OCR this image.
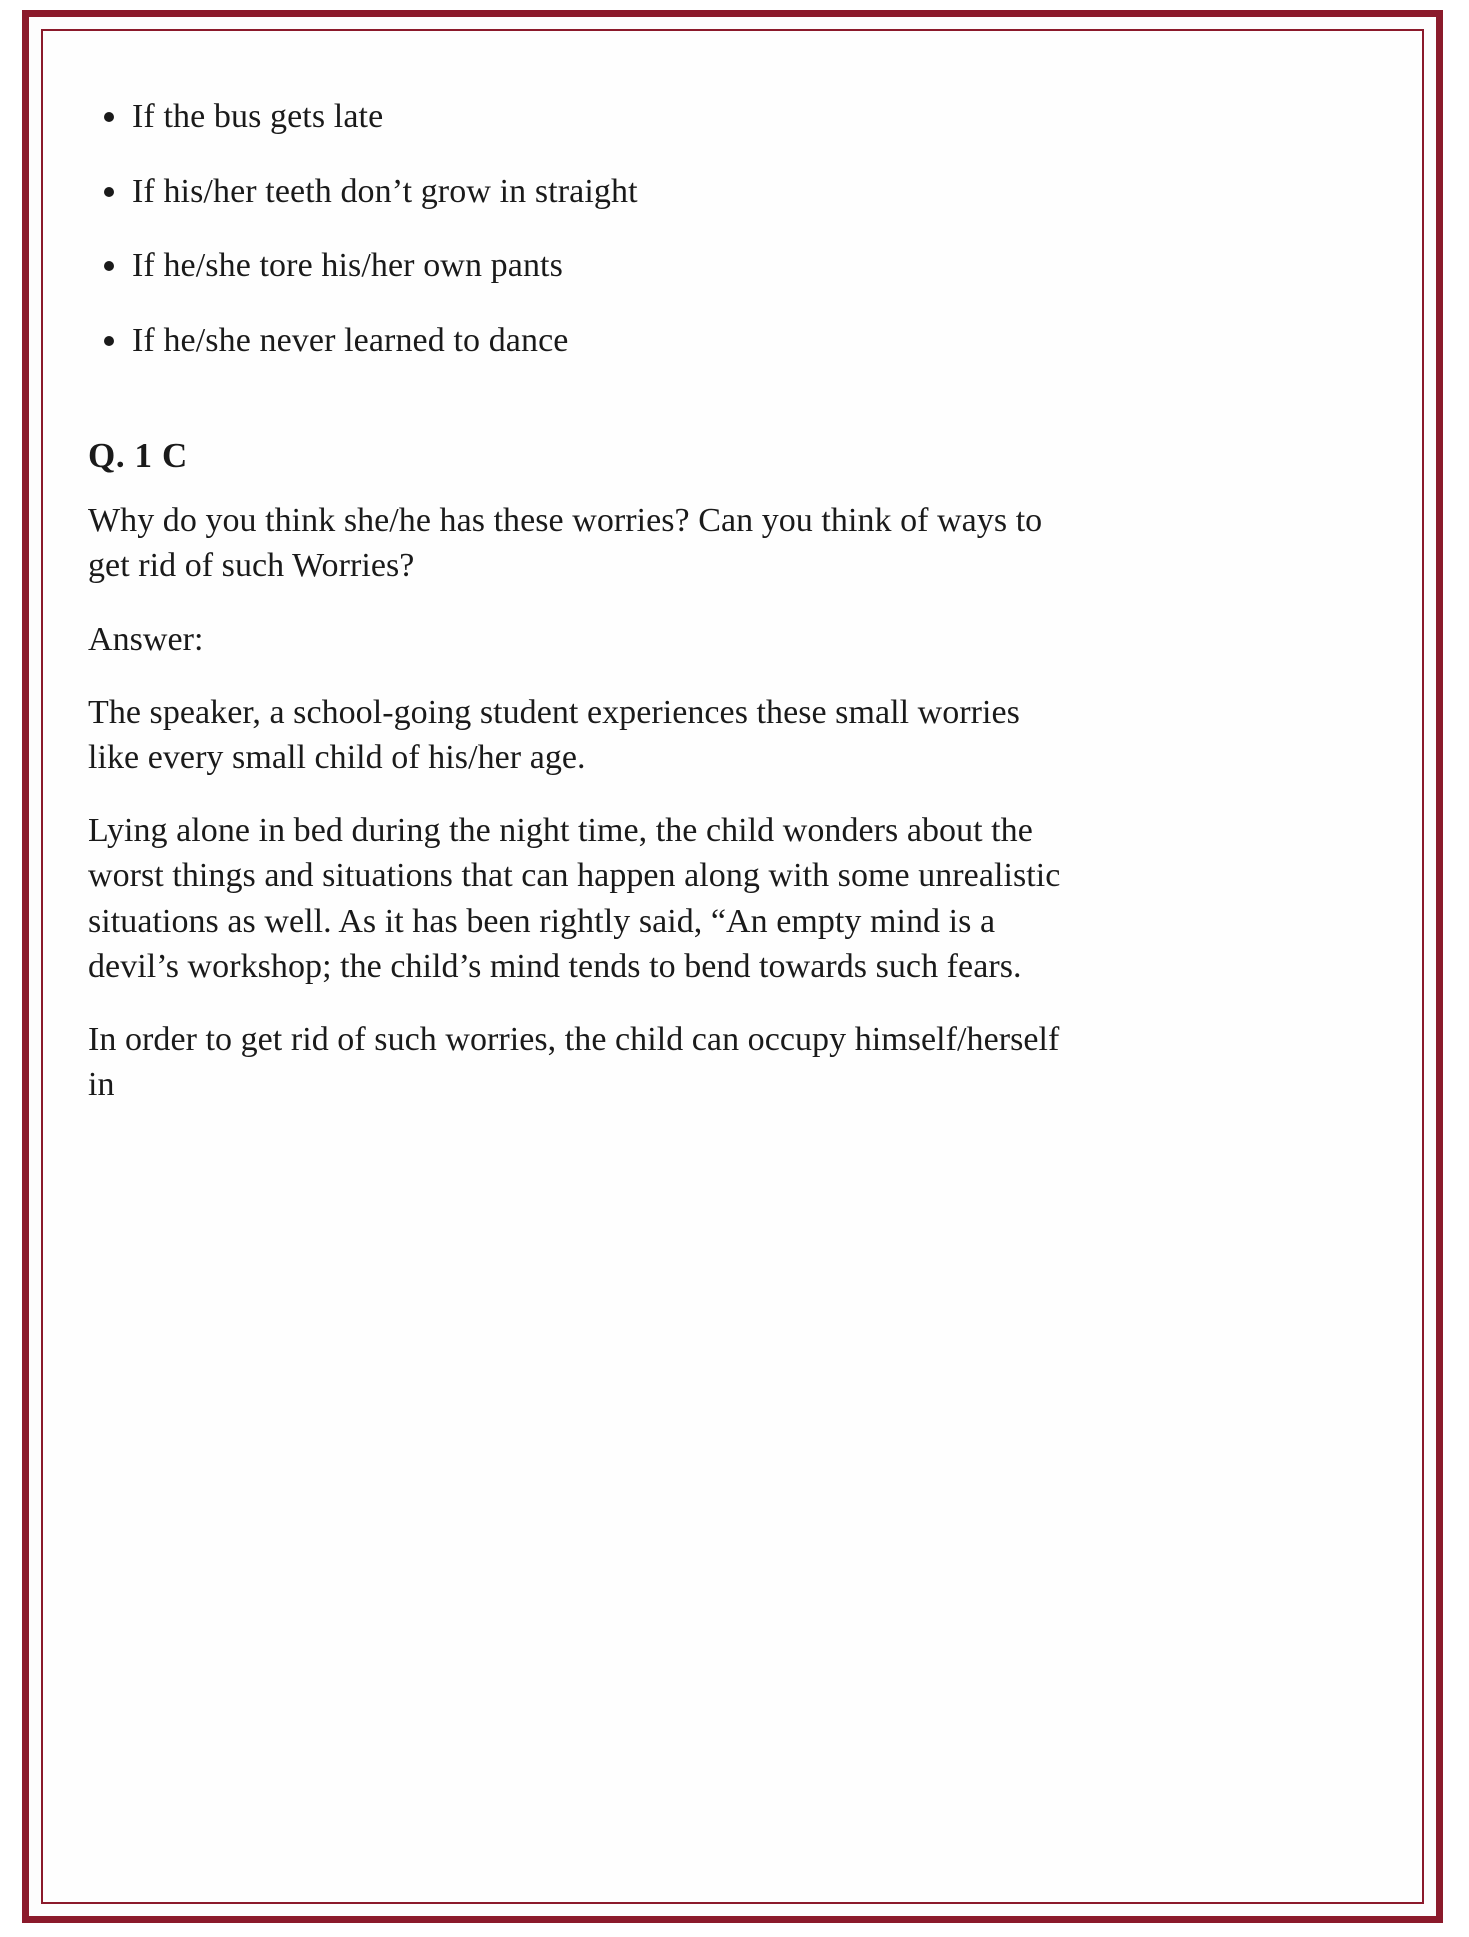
If the bus gets late
If his/her teeth don’t grow in straight
If he/she tore his/her own pants
If he/she never learned to dance
Q. 1 C

Why do you think she/he has these worries? Can you think of ways to get rid of such Worries?

Answer:

The speaker, a school-going student experiences these small worries like every small child of his/her age.

Lying alone in bed during the night time, the child wonders about the worst things and situations that can happen along with some unrealistic situations as well. As it has been rightly said, “An empty mind is a devil’s workshop; the child’s mind tends to bend towards such fears.

In order to get rid of such worries, the child can occupy himself/herself in
